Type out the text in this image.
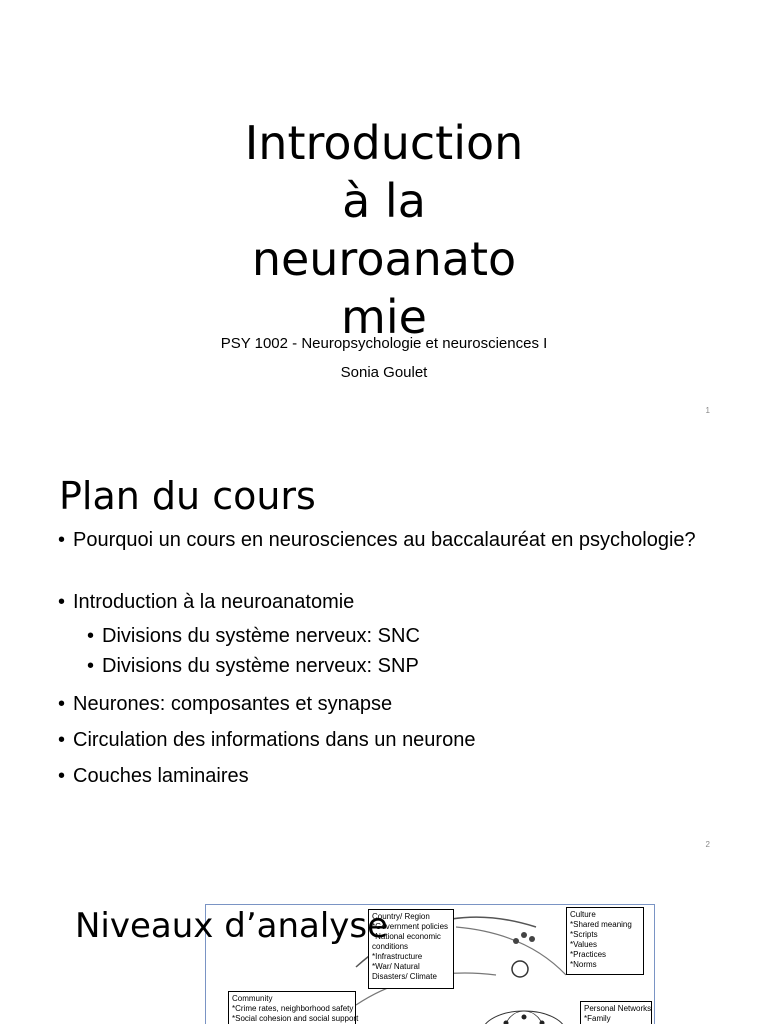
Introduction
à la
neuroanato
mie
PSY 1002 - Neuropsychologie et neurosciences I
Sonia Goulet
1
Plan du cours
• Pourquoi un cours en neurosciences au baccalauréat en psychologie?
• Introduction à la neuroanatomie
• Divisions du système nerveux: SNC
• Divisions du système nerveux: SNP
• Neurones: composantes et synapse
• Circulation des informations dans un neurone
• Couches laminaires
2
Country/ Region
*Government policies
*National economic
conditions
*Infrastructure
*War/ Natural
Disasters/ Climate
Culture
*Shared meaning
*Scripts
*Values
*Practices
*Norms
Community
*Crime rates, neighborhood safety
*Social cohesion and social support
Personal Networks
*Family
Niveaux d’analyse
